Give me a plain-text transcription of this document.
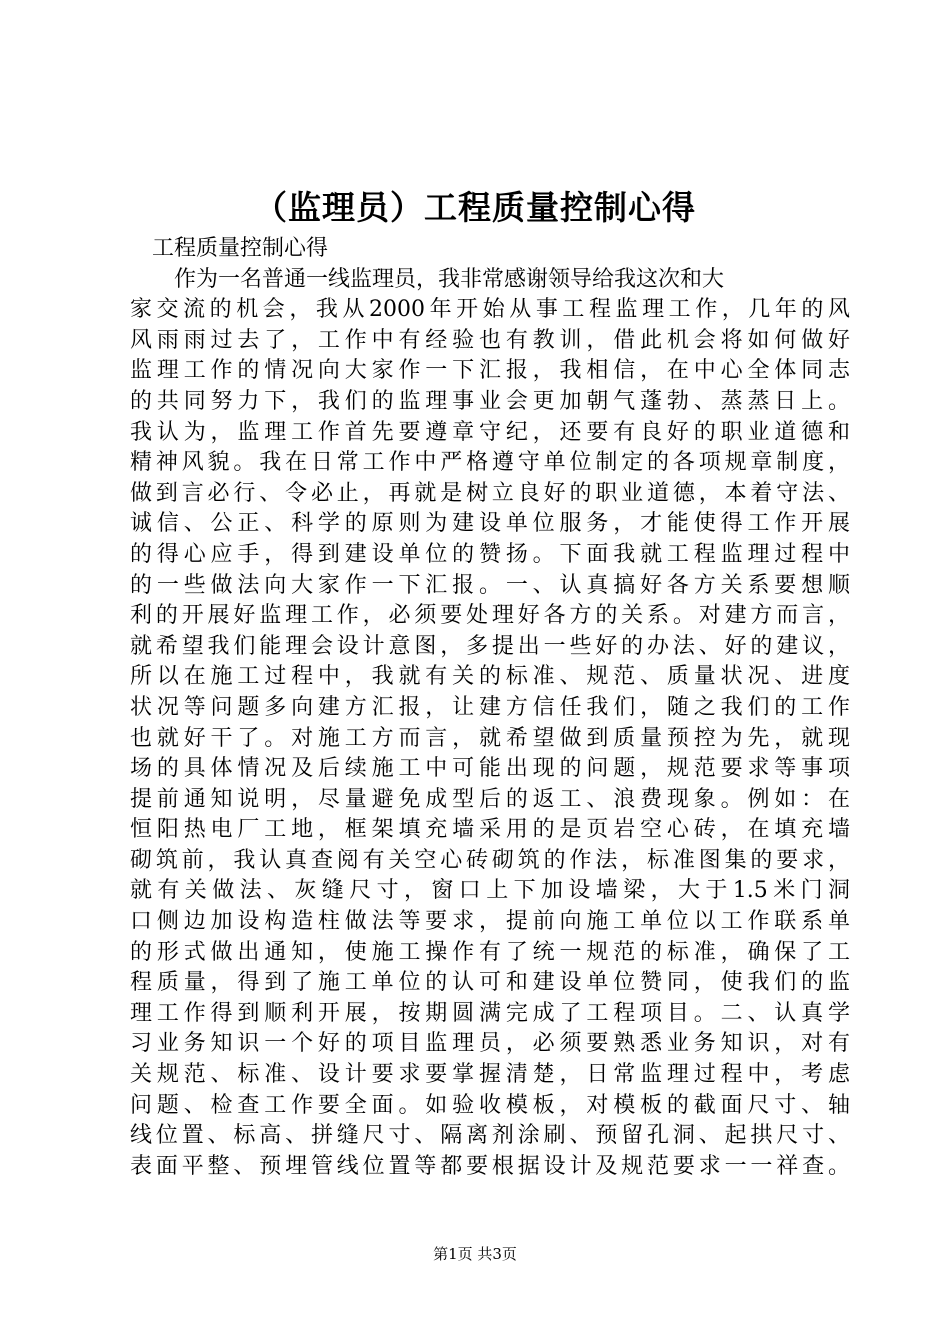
（监理员）工程质量控制心得
工程质量控制心得
作为一名普通一线监理员，我非常感谢领导给我这次和大
家交流的机会，我从2000年开始从事工程监理工作，几年的风
风雨雨过去了，工作中有经验也有教训，借此机会将如何做好
监理工作的情况向大家作一下汇报，我相信，在中心全体同志
的共同努力下，我们的监理事业会更加朝气蓬勃、蒸蒸日上。
我认为，监理工作首先要遵章守纪，还要有良好的职业道德和
精神风貌。我在日常工作中严格遵守单位制定的各项规章制度，
做到言必行、令必止，再就是树立良好的职业道德，本着守法、
诚信、公正、科学的原则为建设单位服务，才能使得工作开展
的得心应手，得到建设单位的赞扬。下面我就工程监理过程中
的一些做法向大家作一下汇报。一、认真搞好各方关系要想顺
利的开展好监理工作，必须要处理好各方的关系。对建方而言，
就希望我们能理会设计意图，多提出一些好的办法、好的建议，
所以在施工过程中，我就有关的标准、规范、质量状况、进度
状况等问题多向建方汇报，让建方信任我们，随之我们的工作
也就好干了。对施工方而言，就希望做到质量预控为先，就现
场的具体情况及后续施工中可能出现的问题，规范要求等事项
提前通知说明，尽量避免成型后的返工、浪费现象。例如：在
恒阳热电厂工地，框架填充墙采用的是页岩空心砖，在填充墙
砌筑前，我认真查阅有关空心砖砌筑的作法，标准图集的要求，
就有关做法、灰缝尺寸，窗口上下加设墙梁，大于1.5米门洞
口侧边加设构造柱做法等要求，提前向施工单位以工作联系单
的形式做出通知，使施工操作有了统一规范的标准，确保了工
程质量，得到了施工单位的认可和建设单位赞同，使我们的监
理工作得到顺利开展，按期圆满完成了工程项目。二、认真学
习业务知识一个好的项目监理员，必须要熟悉业务知识，对有
关规范、标准、设计要求要掌握清楚，日常监理过程中，考虑
问题、检查工作要全面。如验收模板，对模板的截面尺寸、轴
线位置、标高、拼缝尺寸、隔离剂涂刷、预留孔洞、起拱尺寸、
表面平整、预埋管线位置等都要根据设计及规范要求一一祥查。
第1页 共3页
